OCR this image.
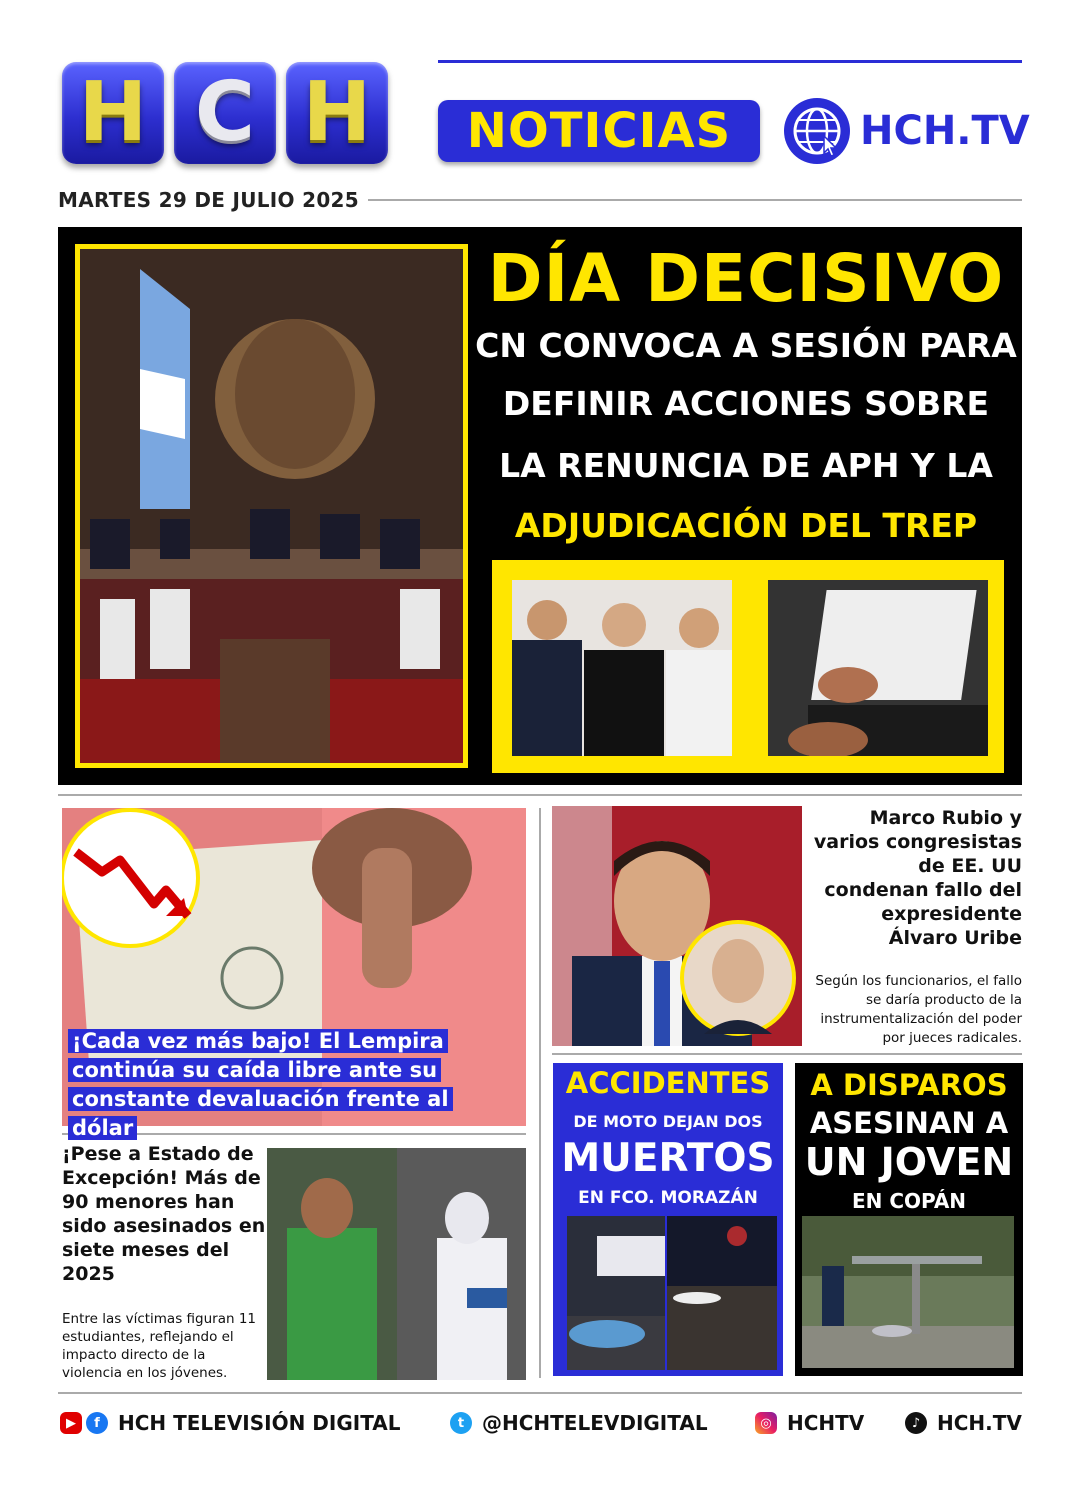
H C H	NOTICIAS	HCH.TV
MARTES 29 DE JULIO 2025
DÍA DECISIVO
CN CONVOCA A SESIÓN PARA
DEFINIR ACCIONES SOBRE
LA RENUNCIA DE APH Y LA
ADJUDICACIÓN DEL TREP
¡Cada vez más bajo! El Lempira continúa su caída libre ante su constante devaluación frente al dólar
Marco Rubio y varios congresistas de EE. UU condenan fallo del expresidente Álvaro Uribe
Según los funcionarios, el fallo se daría producto de la instrumentalización del poder por jueces radicales.
ACCIDENTES
DE MOTO DEJAN DOS
MUERTOS
EN FCO. MORAZÁN
A DISPAROS
ASESINAN A
UN JOVEN
EN COPÁN
¡Pese a Estado de Excepción! Más de 90 menores han sido asesinados en siete meses del 2025
Entre las víctimas figuran 11 estudiantes, reflejando el impacto directo de la violencia en los jóvenes.
▶	f HCH TELEVISIÓN DIGITAL	t @HCHTELEVDIGITAL	◎ HCHTV	♪ HCH.TV
